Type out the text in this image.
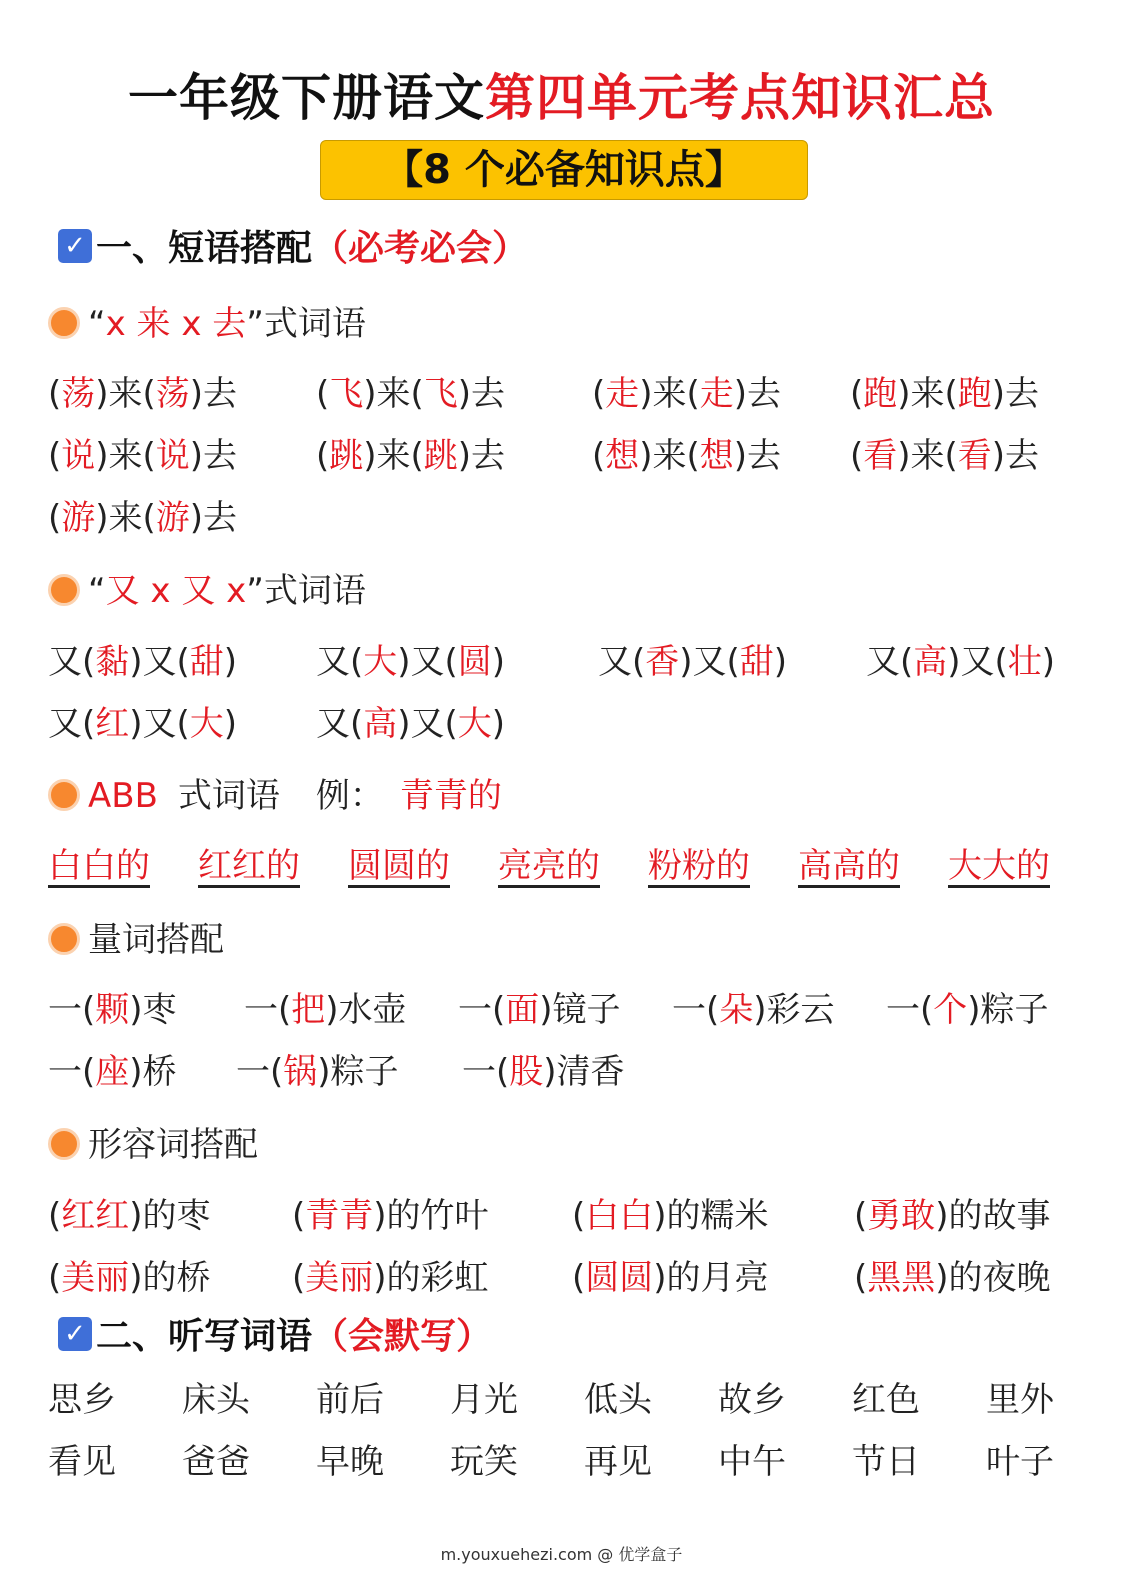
一年级下册语文第四单元考点知识汇总
【8 个必备知识点】
✓ 一、短语搭配（必考必会）
“x 来 x 去”式词语
(荡)来(荡)去 (飞)来(飞)去	(走)来(走)去 (跑)来(跑)去
(说)来(说)去 (跳)来(跳)去	(想)来(想)去 (看)来(看)去
(游)来(游)去
“又 x 又 x”式词语
又(黏)又(甜) 又(大)又(圆)	又(香)又(甜) 又(高)又(壮)
又(红)又(大) 又(高)又(大)
ABB 式词语 例： 青青的
白白的 红红的 圆圆的 亮亮的 粉粉的 高高的 大大的
量词搭配
一(颗)枣 一(把)水壶 一(面)镜子 一(朵)彩云 一(个)粽子
一(座)桥 一(锅)粽子 一(股)清香
形容词搭配
(红红)的枣 (青青)的竹叶 (白白)的糯米	(勇敢)的故事
(美丽)的桥 (美丽)的彩虹 (圆圆)的月亮	(黑黑)的夜晚
✓ 二、听写词语（会默写）
思乡 床头 前后 月光 低头 故乡 红色 里外
看见 爸爸 早晚 玩笑 再见 中午 节日 叶子
m.youxuehezi.com @ 优学盒子
